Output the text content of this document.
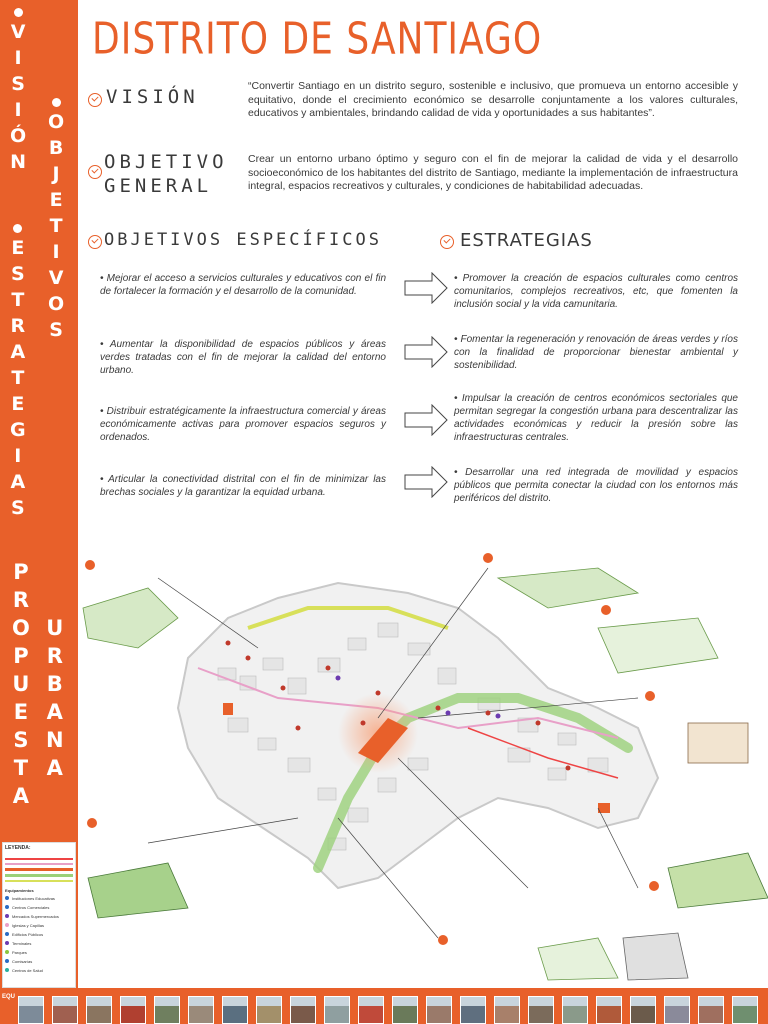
V
I
S
I
Ó
N
O
B
J
E
T
I
V
O
S
E
S
T
R
A
T
E
G
I
A
S
P
R
O
P
U
E
S
T
A
U
R
B
A
N
A
DISTRITO DE SANTIAGO
VISIÓN	“Convertir Santiago en un distrito seguro, sostenible e inclusivo, que promueva un entorno accesible y equitativo, donde el crecimiento económico se desarrolle conjuntamente a los valores culturales, educativos y ambientales, brindando calidad de vida y oportunidades a sus habitantes”.
OBJETIVO
GENERAL
Crear un entorno urbano óptimo y seguro con el fin de mejorar la calidad de vida y el desarrollo socioeconómico de los habitantes del distrito de Santiago, mediante la implementación de infraestructura integral, espacios recreativos y culturales, y condiciones de habitabilidad adecuadas.
OBJETIVOS ESPECÍFICOS	ESTRATEGIAS
• Mejorar el acceso a servicios culturales y educativos con el fin de fortalecer la formación y el desarrollo de la comunidad.
• Aumentar la disponibilidad de espacios públicos y áreas verdes tratadas con el fin de mejorar la calidad del entorno urbano.
• Distribuir estratégicamente la infraestructura comercial y áreas económicamente activas para promover espacios seguros y ordenados.
• Articular la conectividad distrital con el fin de minimizar las brechas sociales y la garantizar la equidad urbana.
• Promover la creación de espacios culturales como centros comunitarios, complejos recreativos, etc, que fomenten la inclusión social y la vida camunitaria.
• Fomentar la regeneración y renovación de áreas verdes y ríos con la finalidad de proporcionar bienestar ambiental y sostenibilidad.
• Impulsar la creación de centros económicos sectoriales que permitan segregar la congestión urbana para descentralizar las actividades económicas y reducir la presión sobre las infraestructuras centrales.
• Desarrollar una red integrada de movilidad y espacios públicos que permita conectar la ciudad con los entornos más periféricos del distrito.
LEYENDA:
Equipamientos
Instituciones Educativas
Centros Comerciales
Mercados Supermercados
Iglesias y Capillas
Edificios Públicos
Terminales
Parques
Comisarías
Centros de Salud
EQU
